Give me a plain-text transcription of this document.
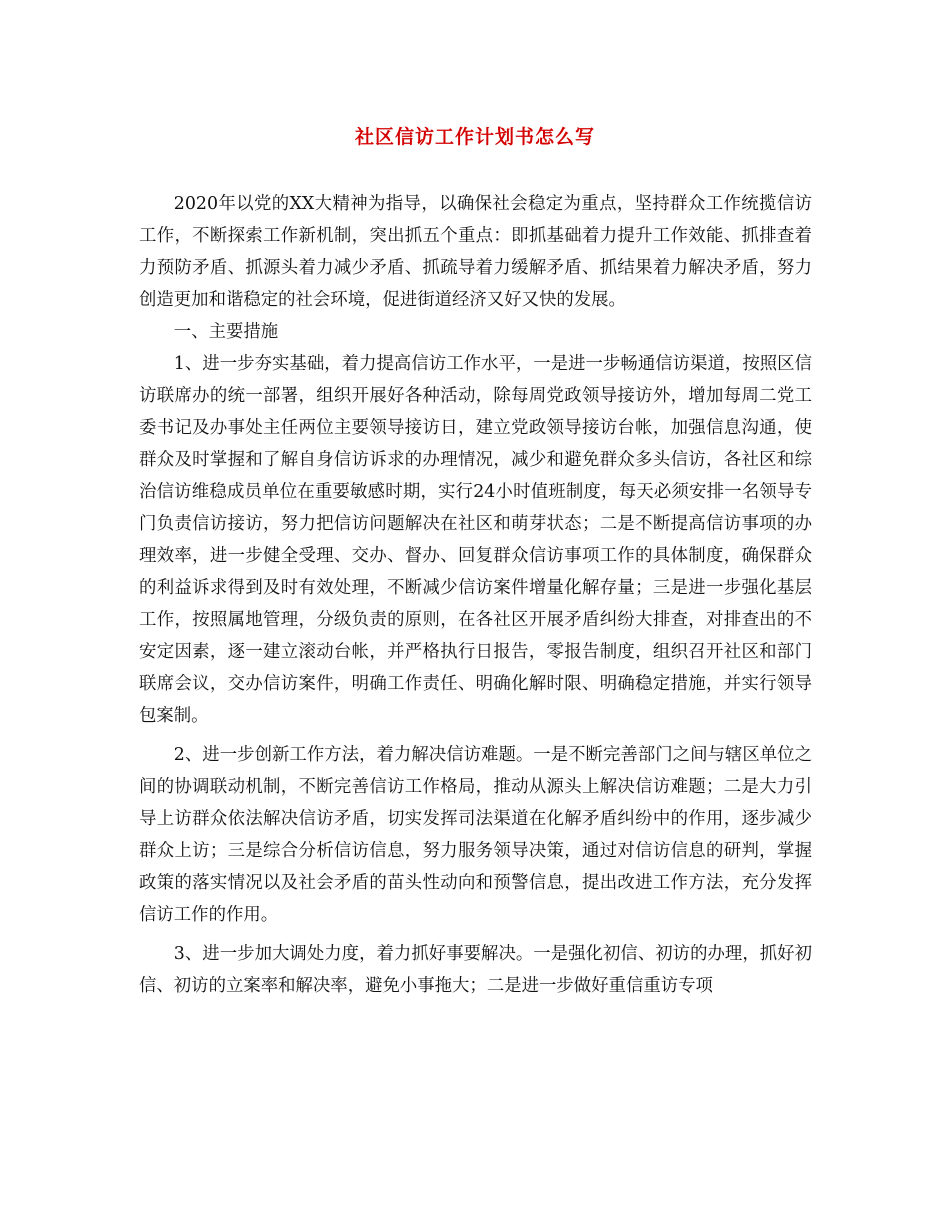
社区信访工作计划书怎么写

2020年以党的XX大精神为指导，以确保社会稳定为重点，坚持群众工作统揽信访工作，不断探索工作新机制，突出抓五个重点：即抓基础着力提升工作效能、抓排查着力预防矛盾、抓源头着力减少矛盾、抓疏导着力缓解矛盾、抓结果着力解决矛盾，努力创造更加和谐稳定的社会环境，促进街道经济又好又快的发展。

一、主要措施

1、进一步夯实基础，着力提高信访工作水平，一是进一步畅通信访渠道，按照区信访联席办的统一部署，组织开展好各种活动，除每周党政领导接访外，增加每周二党工委书记及办事处主任两位主要领导接访日，建立党政领导接访台帐，加强信息沟通，使群众及时掌握和了解自身信访诉求的办理情况，减少和避免群众多头信访，各社区和综治信访维稳成员单位在重要敏感时期，实行24小时值班制度，每天必须安排一名领导专门负责信访接访，努力把信访问题解决在社区和萌芽状态；二是不断提高信访事项的办理效率，进一步健全受理、交办、督办、回复群众信访事项工作的具体制度，确保群众的利益诉求得到及时有效处理，不断减少信访案件增量化解存量；三是进一步强化基层工作，按照属地管理，分级负责的原则，在各社区开展矛盾纠纷大排查，对排查出的不安定因素，逐一建立滚动台帐，并严格执行日报告，零报告制度，组织召开社区和部门联席会议，交办信访案件，明确工作责任、明确化解时限、明确稳定措施，并实行领导包案制。

2、进一步创新工作方法，着力解决信访难题。一是不断完善部门之间与辖区单位之间的协调联动机制，不断完善信访工作格局，推动从源头上解决信访难题；二是大力引导上访群众依法解决信访矛盾，切实发挥司法渠道在化解矛盾纠纷中的作用，逐步减少群众上访；三是综合分析信访信息，努力服务领导决策，通过对信访信息的研判，掌握政策的落实情况以及社会矛盾的苗头性动向和预警信息，提出改进工作方法，充分发挥信访工作的作用。

3、进一步加大调处力度，着力抓好事要解决。一是强化初信、初访的办理，抓好初信、初访的立案率和解决率，避免小事拖大；二是进一步做好重信重访专项
